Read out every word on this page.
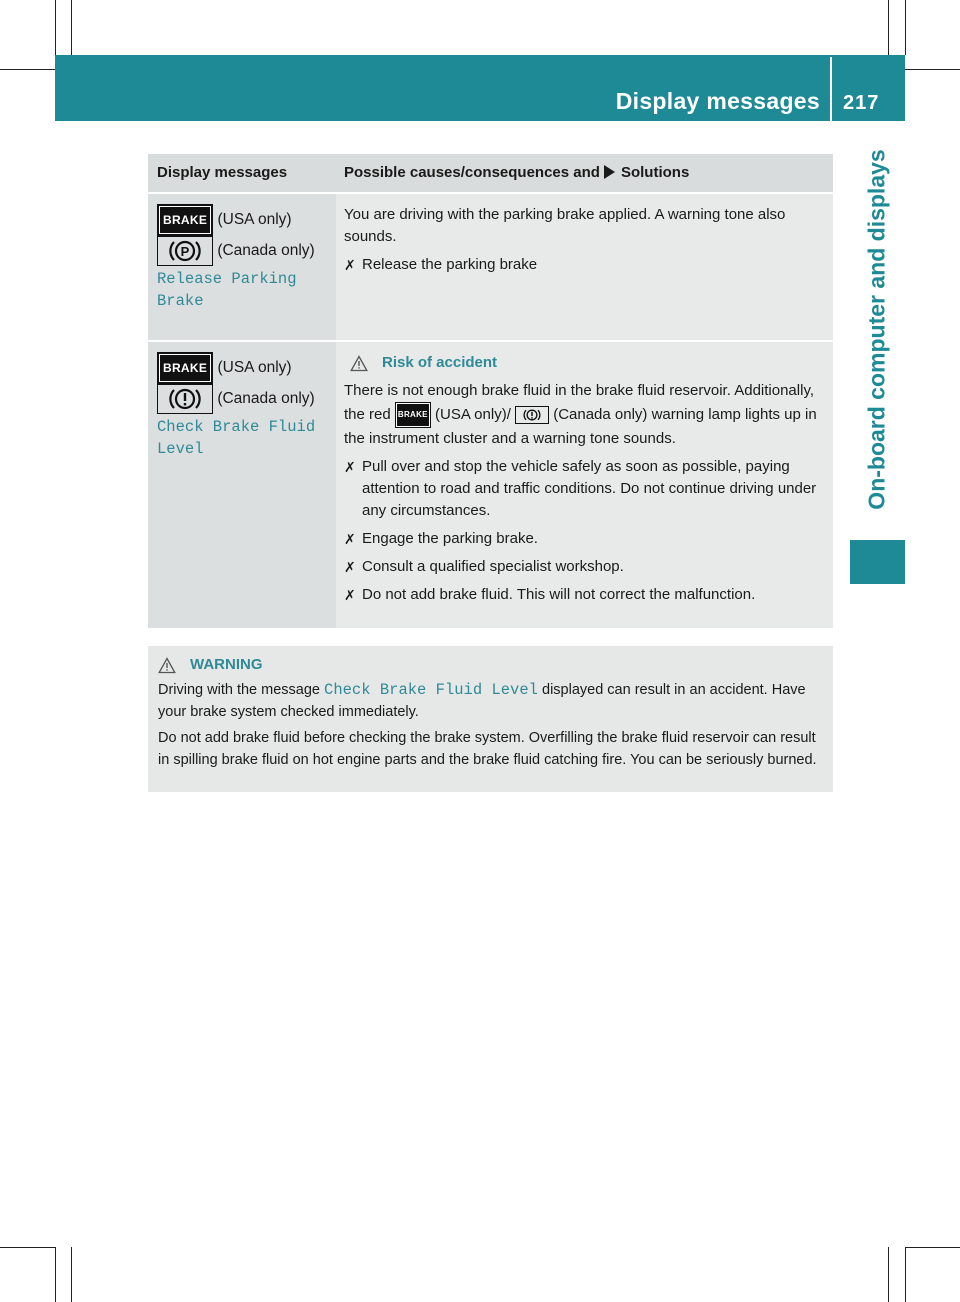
Display messages 217
On-board computer and displays
Display messages	Possible causes/consequences and Solutions
BRAKE (USA only)
P (Canada only)
Release Parking Brake

You are driving with the parking brake applied. A warning tone also sounds.

✗ Release the parking brake
BRAKE (USA only)
(Canada only)
Check Brake Fluid Level
Risk of accident

There is not enough brake fluid in the brake fluid reservoir. Additionally, the red BRAKE (USA only)/	(Canada only) warning lamp lights up in the instrument cluster and a warning tone sounds.

✗ Pull over and stop the vehicle safely as soon as possible, paying attention to road and traffic conditions. Do not continue driving under any circumstances.
✗ Engage the parking brake.
✗ Consult a qualified specialist workshop.
✗ Do not add brake fluid. This will not correct the malfunction.
WARNING

Driving with the message Check Brake Fluid Level displayed can result in an accident. Have your brake system checked immediately.

Do not add brake fluid before checking the brake system. Overfilling the brake fluid reservoir can result in spilling brake fluid on hot engine parts and the brake fluid catching fire. You can be seriously burned.
